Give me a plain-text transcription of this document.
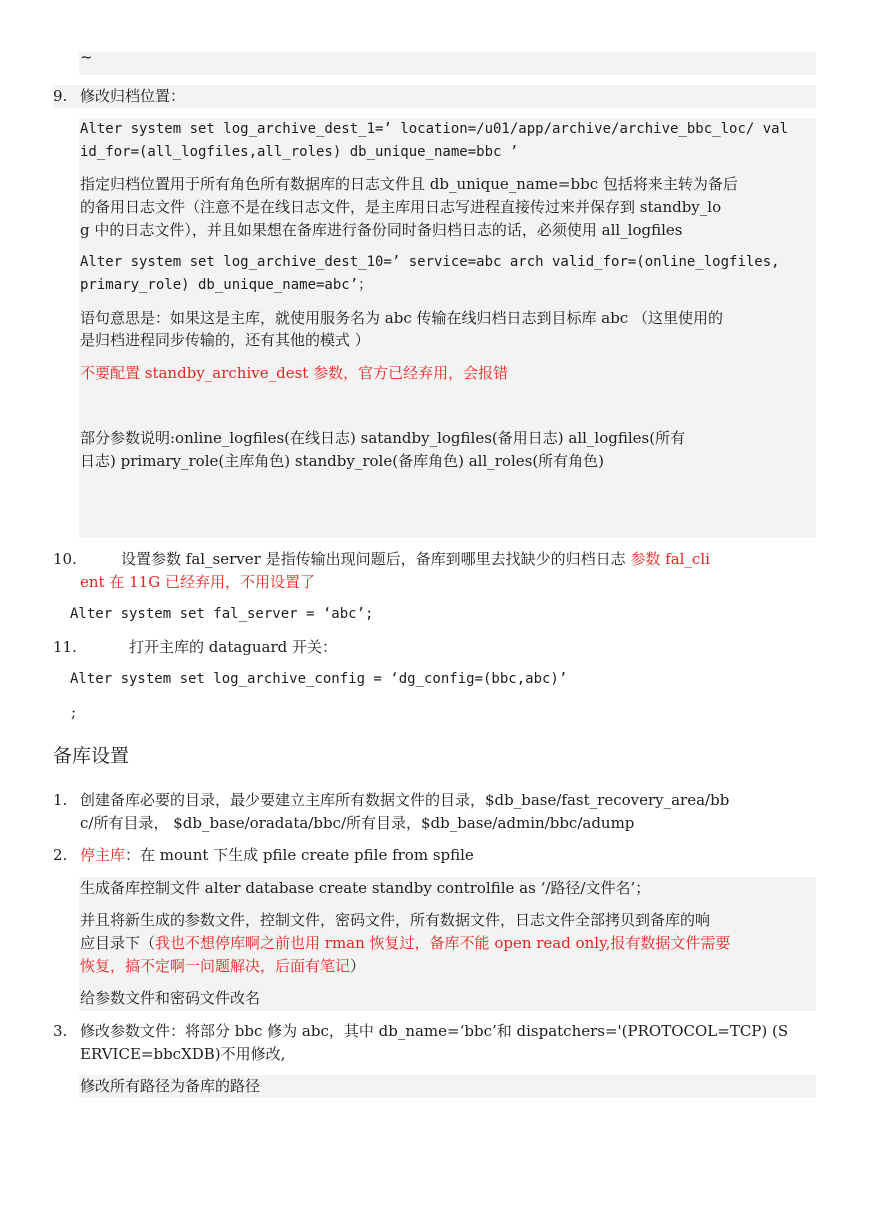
~
9. 修改归档位置：
Alter system set log_archive_dest_1=’ location=/u01/app/archive/archive_bbc_loc/ val
id_for=(all_logfiles,all_roles) db_unique_name=bbc ’
指定归档位置用于所有角色所有数据库的日志文件且 db_unique_name=bbc 包括将来主转为备后
的备用日志文件（注意不是在线日志文件，是主库用日志写进程直接传过来并保存到 standby_lo
g 中的日志文件），并且如果想在备库进行备份同时备归档日志的话，必须使用 all_logfiles
Alter system set log_archive_dest_10=’ service=abc arch valid_for=(online_logfiles,
primary_role) db_unique_name=abc’；
语句意思是：如果这是主库，就使用服务名为 abc 传输在线归档日志到目标库 abc （这里使用的
是归档进程同步传输的，还有其他的模式 ）
不要配置 standby_archive_dest 参数，官方已经弃用，会报错
部分参数说明:online_logfiles(在线日志) satandby_logfiles(备用日志) all_logfiles(所有
日志) primary_role(主库角色) standby_role(备库角色) all_roles(所有角色)
10.	设置参数 fal_server 是指传输出现问题后，备库到哪里去找缺少的归档日志 参数 fal_cli
ent 在 11G 已经弃用，不用设置了
Alter system set fal_server = ‘abc’;
11.	打开主库的 dataguard 开关：
Alter system set log_archive_config = ‘dg_config=(bbc,abc)’
;
备库设置
1. 创建备库必要的目录，最少要建立主库所有数据文件的目录，$db_base/fast_recovery_area/bb
c/所有目录， $db_base/oradata/bbc/所有目录，$db_base/admin/bbc/adump
2. 停主库：在 mount 下生成 pfile create pfile from spfile
生成备库控制文件 alter database create standby controlfile as ‘/路径/文件名’；
并且将新生成的参数文件，控制文件，密码文件，所有数据文件，日志文件全部拷贝到备库的响
应目录下（我也不想停库啊之前也用 rman 恢复过，备库不能 open read only,报有数据文件需要
恢复，搞不定啊一问题解决，后面有笔记）
给参数文件和密码文件改名
3. 修改参数文件：将部分 bbc 修为 abc，其中 db_name=‘bbc’和 dispatchers='(PROTOCOL=TCP) (S
ERVICE=bbcXDB)不用修改,
修改所有路径为备库的路径
